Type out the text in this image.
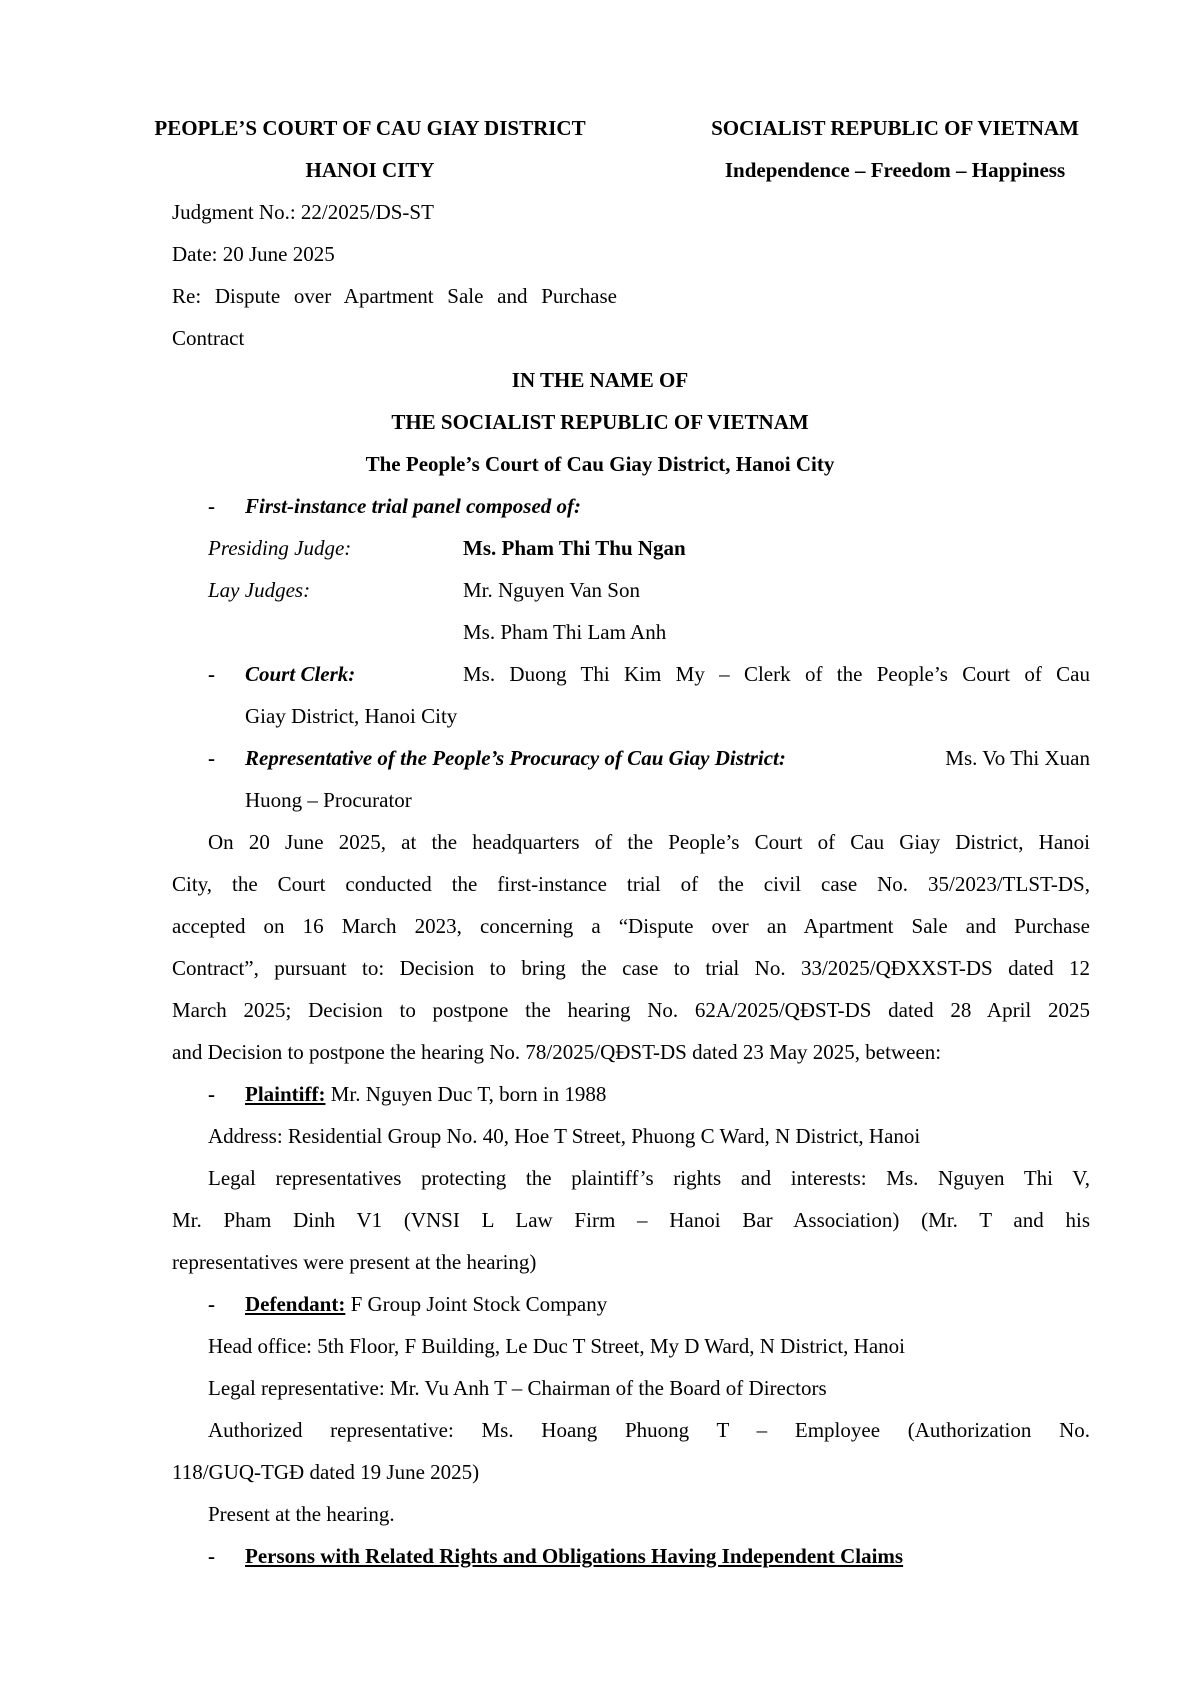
PEOPLE’S COURT OF CAU GIAY DISTRICT
HANOI CITY
SOCIALIST REPUBLIC OF VIETNAM
Independence – Freedom – Happiness
Judgment No.: 22/2025/DS-ST
Date: 20 June 2025
Re: Dispute over Apartment Sale and Purchase
Contract
IN THE NAME OF
THE SOCIALIST REPUBLIC OF VIETNAM
The People’s Court of Cau Giay District, Hanoi City
- First-instance trial panel composed of:
Presiding Judge:	Ms. Pham Thi Thu Ngan
Lay Judges:	Mr. Nguyen Van Son
Ms. Pham Thi Lam Anh
- Court Clerk:	Ms. Duong Thi Kim My – Clerk of the People’s Court of Cau
Giay District, Hanoi City
- Representative of the People’s Procuracy of Cau Giay District:	Ms. Vo Thi Xuan
Huong – Procurator
On 20 June 2025, at the headquarters of the People’s Court of Cau Giay District, Hanoi
City, the Court conducted the first-instance trial of the civil case No. 35/2023/TLST-DS,
accepted on 16 March 2023, concerning a “Dispute over an Apartment Sale and Purchase
Contract”, pursuant to: Decision to bring the case to trial No. 33/2025/QĐXXST-DS dated 12
March 2025; Decision to postpone the hearing No. 62A/2025/QĐST-DS dated 28 April 2025
and Decision to postpone the hearing No. 78/2025/QĐST-DS dated 23 May 2025, between:
- Plaintiff: Mr. Nguyen Duc T, born in 1988
Address: Residential Group No. 40, Hoe T Street, Phuong C Ward, N District, Hanoi
Legal representatives protecting the plaintiff’s rights and interests: Ms. Nguyen Thi V,
Mr. Pham Dinh V1 (VNSI L Law Firm – Hanoi Bar Association) (Mr. T and his
representatives were present at the hearing)
- Defendant: F Group Joint Stock Company
Head office: 5th Floor, F Building, Le Duc T Street, My D Ward, N District, Hanoi
Legal representative: Mr. Vu Anh T – Chairman of the Board of Directors
Authorized representative: Ms. Hoang Phuong T – Employee (Authorization No.
118/GUQ-TGĐ dated 19 June 2025)
Present at the hearing.
- Persons with Related Rights and Obligations Having Independent Claims
